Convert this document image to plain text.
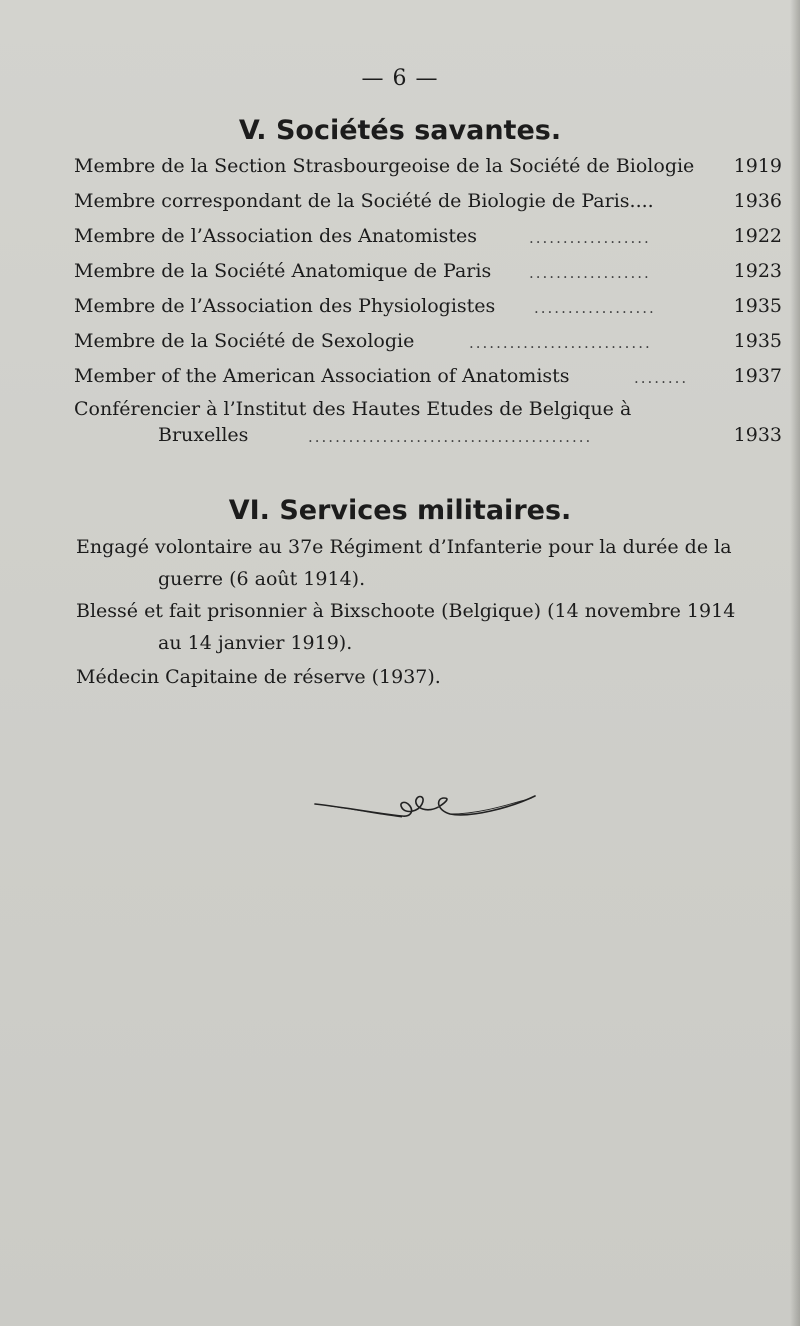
— 6 —
V. Sociétés savantes.
Membre de la Section Strasbourgeoise de la Société de Biologie 1919
Membre correspondant de la Société de Biologie de Paris....	1936
Membre de l’Association des Anatomistes	..................	1922
Membre de la Société Anatomique de Paris	..................	1923
Membre de l’Association des Physiologistes	..................	1935
Membre de la Société de Sexologie	...........................	1935
Member of the American Association of Anatomists	........	1937
Conférencier à l’Institut des Hautes Etudes de Belgique à
Bruxelles	..........................................	1933
VI. Services militaires.
Engagé volontaire au 37e Régiment d’Infanterie pour la durée de la
guerre (6 août 1914).
Blessé et fait prisonnier à Bixschoote (Belgique) (14 novembre 1914
au 14 janvier 1919).
Médecin Capitaine de réserve (1937).
